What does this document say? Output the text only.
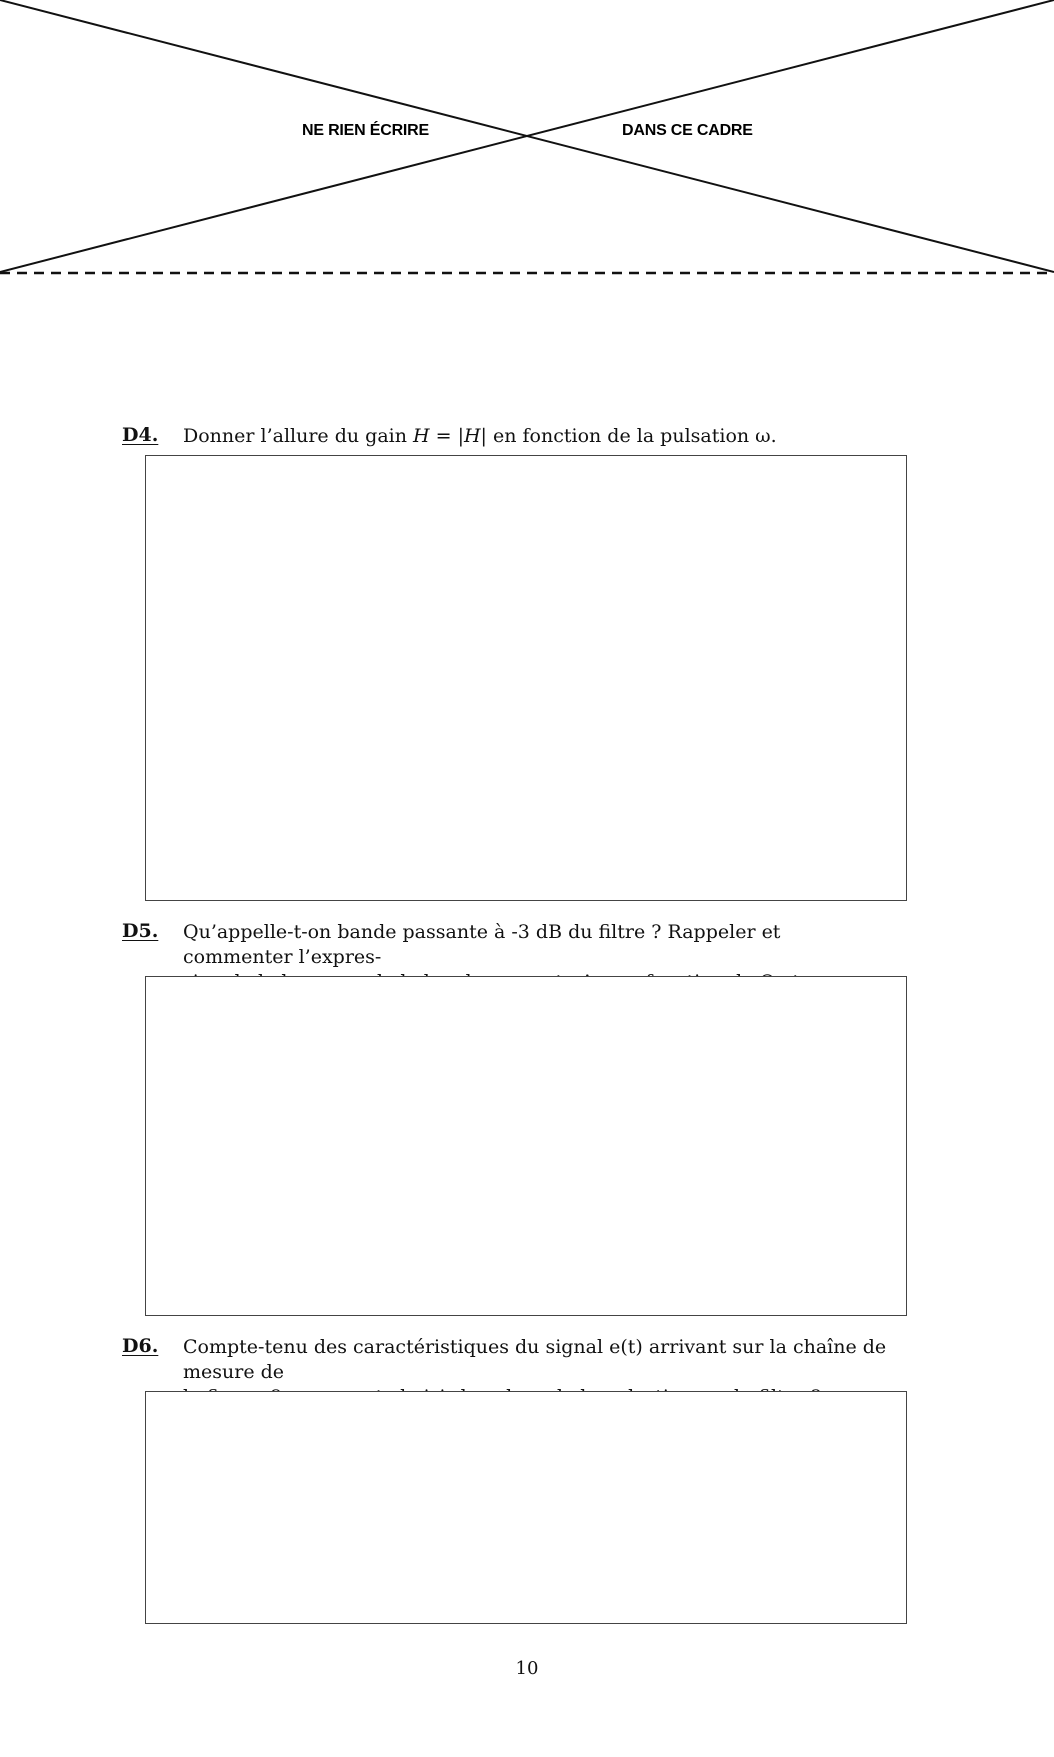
NE RIEN ÉCRIRE	DANS CE CADRE
D4. Donner l’allure du gain H = |H| en fonction de la pulsation ω.
D5. Qu’appelle-t-on bande passante à -3 dB du filtre ? Rappeler et commenter l’expres-
D6. Compte-tenu des caractéristiques du signal e(t) arrivant sur la chaîne de mesure de
10
